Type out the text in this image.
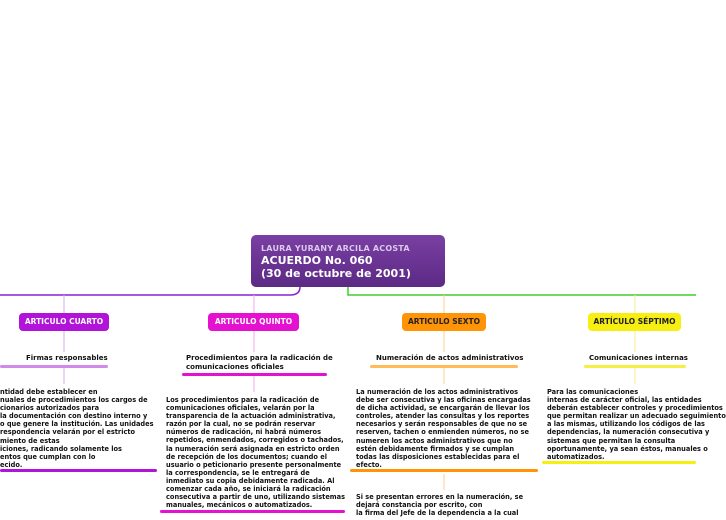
LAURA YURANY ARCILA ACOSTA
ACUERDO No. 060
(30 de octubre de 2001)
ARTICULO CUARTO
Firmas responsables
ntidad debe establecer en
nuales de procedimientos los cargos de
cionarios autorizados para
la documentación con destino interno y
o que genere la institución. Las unidades
respondencia velarán por el estricto
miento de estas
iciones, radicando solamente los
entos que cumplan con lo
ecido.
ARTICULO QUINTO
Procedimientos para la radicación de
comunicaciones oficiales
Los procedimientos para la radicación de
comunicaciones oficiales, velarán por la
transparencia de la actuación administrativa,
razón por la cual, no se podrán reservar
números de radicación, ni habrá números
repetidos, enmendados, corregidos o tachados,
la numeración será asignada en estricto orden
de recepción de los documentos; cuando el
usuario o peticionario presente personalmente
la correspondencia, se le entregará de
inmediato su copia debidamente radicada. Al
comenzar cada año, se iniciará la radicación
consecutiva a partir de uno, utilizando sistemas
manuales, mecánicos o automatizados.
ARTICULO SEXTO
Numeración de actos administrativos
La numeración de los actos administrativos
debe ser consecutiva y las oficinas encargadas
de dicha actividad, se encargarán de llevar los
controles, atender las consultas y los reportes
necesarios y serán responsables de que no se
reserven, tachen o enmienden números, no se
numeren los actos administrativos que no
estén debidamente firmados y se cumplan
todas las disposiciones establecidas para el
efecto.
Si se presentan errores en la numeración, se
dejará constancia por escrito, con
la firma del Jefe de la dependencia a la cual
ARTÍCULO SÉPTIMO
Comunicaciones internas
Para las comunicaciones
internas de carácter oficial, las entidades
deberán establecer controles y procedimientos
que permitan realizar un adecuado seguimiento
a las mismas, utilizando los códigos de las
dependencias, la numeración consecutiva y
sistemas que permitan la consulta
oportunamente, ya sean éstos, manuales o
automatizados.
